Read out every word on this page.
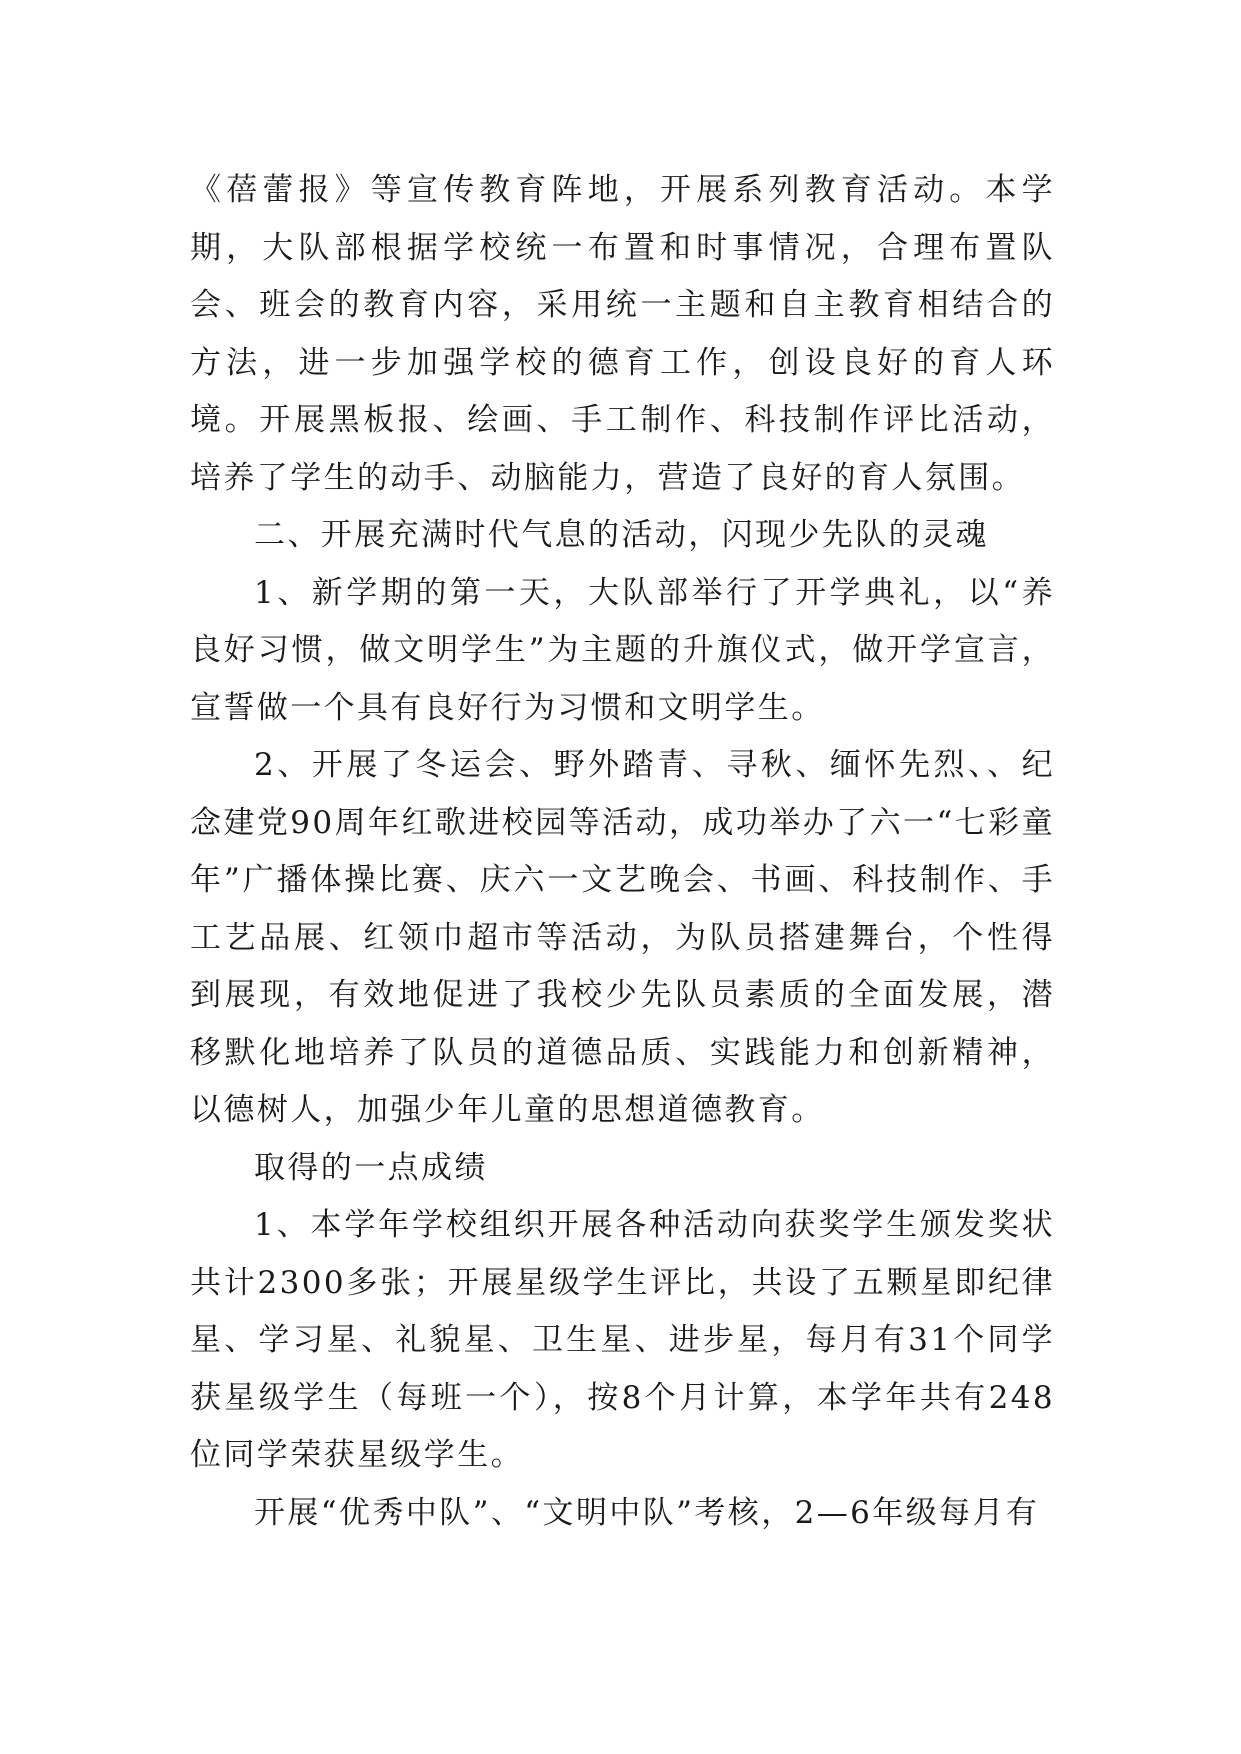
《蓓蕾报》等宣传教育阵地，开展系列教育活动。本学期，大队部根据学校统一布置和时事情况，合理布置队会、班会的教育内容，采用统一主题和自主教育相结合的方法，进一步加强学校的德育工作，创设良好的育人环境。开展黑板报、绘画、手工制作、科技制作评比活动，培养了学生的动手、动脑能力，营造了良好的育人氛围。

二、开展充满时代气息的活动，闪现少先队的灵魂

1、新学期的第一天，大队部举行了开学典礼，以“养良好习惯，做文明学生”为主题的升旗仪式，做开学宣言，宣誓做一个具有良好行为习惯和文明学生。

2、开展了冬运会、野外踏青、寻秋、缅怀先烈、、纪念建党90周年红歌进校园等活动，成功举办了六一“七彩童年”广播体操比赛、庆六一文艺晚会、书画、科技制作、手工艺品展、红领巾超市等活动，为队员搭建舞台，个性得到展现，有效地促进了我校少先队员素质的全面发展，潜移默化地培养了队员的道德品质、实践能力和创新精神，以德树人，加强少年儿童的思想道德教育。

取得的一点成绩

1、本学年学校组织开展各种活动向获奖学生颁发奖状共计2300多张；开展星级学生评比，共设了五颗星即纪律星、学习星、礼貌星、卫生星、进步星，每月有31个同学获星级学生（每班一个），按8个月计算，本学年共有248位同学荣获星级学生。

开展“优秀中队”、“文明中队”考核，2—6年级每月有
